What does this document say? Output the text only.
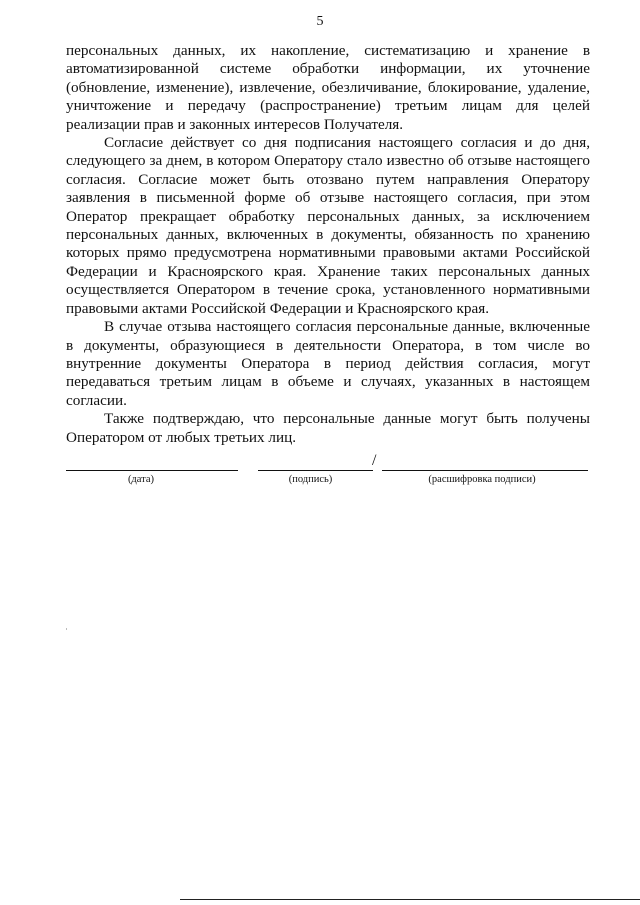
5

персональных данных, их накопление, систематизацию и хранение в автоматизированной системе обработки информации, их уточнение (обновление, изменение), извлечение, обезличивание, блокирование, удаление, уничтожение и передачу (распространение) третьим лицам для целей реализации прав и законных интересов Получателя.

Согласие действует со дня подписания настоящего согласия и до дня, следующего за днем, в котором Оператору стало известно об отзыве настоящего согласия. Согласие может быть отозвано путем направления Оператору заявления в письменной форме об отзыве настоящего согласия, при этом Оператор прекращает обработку персональных данных, за исключением персональных данных, включенных в документы, обязанность по хранению которых прямо предусмотрена нормативными правовыми актами Российской Федерации и Красноярского края. Хранение таких персональных данных осуществляется Оператором в течение срока, установленного нормативными правовыми актами Российской Федерации и Красноярского края.

В случае отзыва настоящего согласия персональные данные, включенные в документы, образующиеся в деятельности Оператора, в том числе во внутренние документы Оператора в период действия согласия, могут передаваться третьим лицам в объеме и случаях, указанных в настоящем согласии.

Также подтверждаю, что персональные данные могут быть получены Оператором от любых третьих лиц.

(дата)	(подпись)
/
(расшифровка подписи)
